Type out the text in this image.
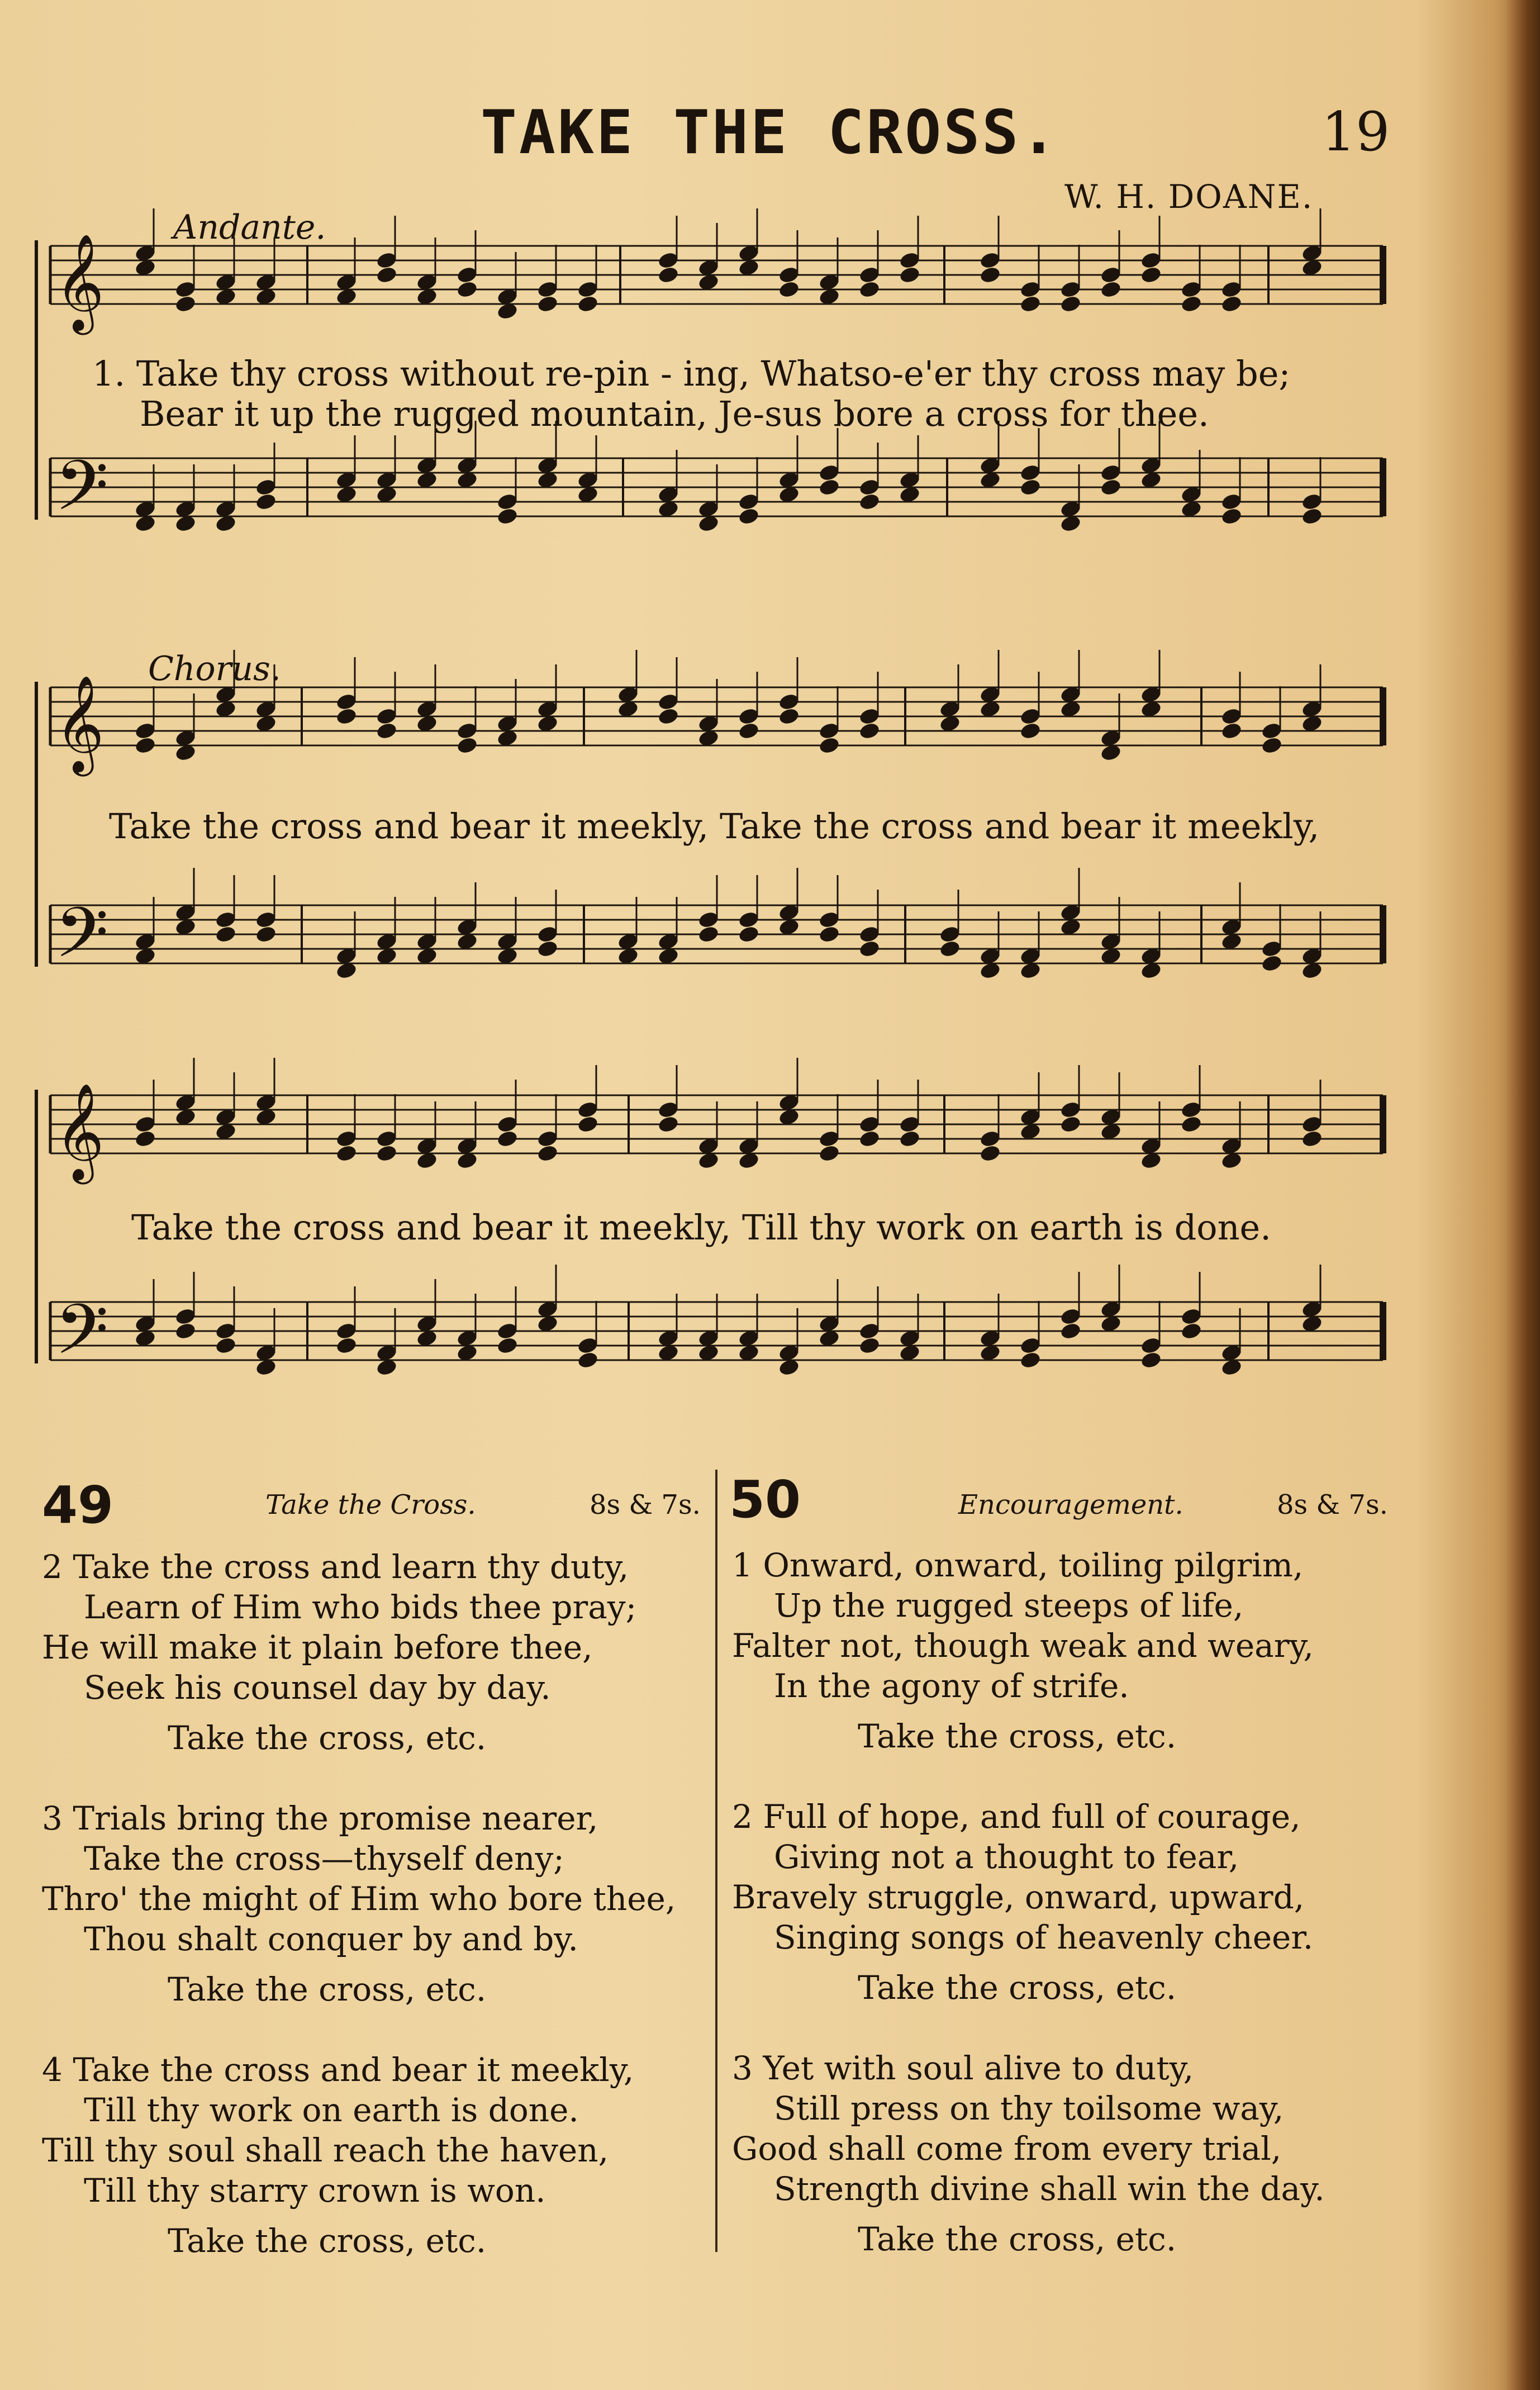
TAKE THE CROSS.	19
W. H. DOANE.
𝄞
𝄢
𝄞
𝄢
𝄞
𝄢
Andante.
1. Take thy cross without re-pin - ing, Whatso-e'er thy cross may be;
Bear it up the rugged mountain, Je-sus bore a cross for thee.
Chorus.
Take the cross and bear it meekly, Take the cross and bear it meekly,
Take the cross and bear it meekly, Till thy work on earth is done.
49	Take the Cross.	8s & 7s.
2 Take the cross and learn thy duty,
Learn of Him who bids thee pray;
He will make it plain before thee,
Seek his counsel day by day.
Take the cross, etc.
3 Trials bring the promise nearer,
Take the cross—thyself deny;
Thro' the might of Him who bore thee,
Thou shalt conquer by and by.
Take the cross, etc.
4 Take the cross and bear it meekly,
Till thy work on earth is done.
Till thy soul shall reach the haven,
Till thy starry crown is won.
Take the cross, etc.
50	Encouragement.	8s & 7s.
1 Onward, onward, toiling pilgrim,
Up the rugged steeps of life,
Falter not, though weak and weary,
In the agony of strife.
Take the cross, etc.
2 Full of hope, and full of courage,
Giving not a thought to fear,
Bravely struggle, onward, upward,
Singing songs of heavenly cheer.
Take the cross, etc.
3 Yet with soul alive to duty,
Still press on thy toilsome way,
Good shall come from every trial,
Strength divine shall win the day.
Take the cross, etc.
